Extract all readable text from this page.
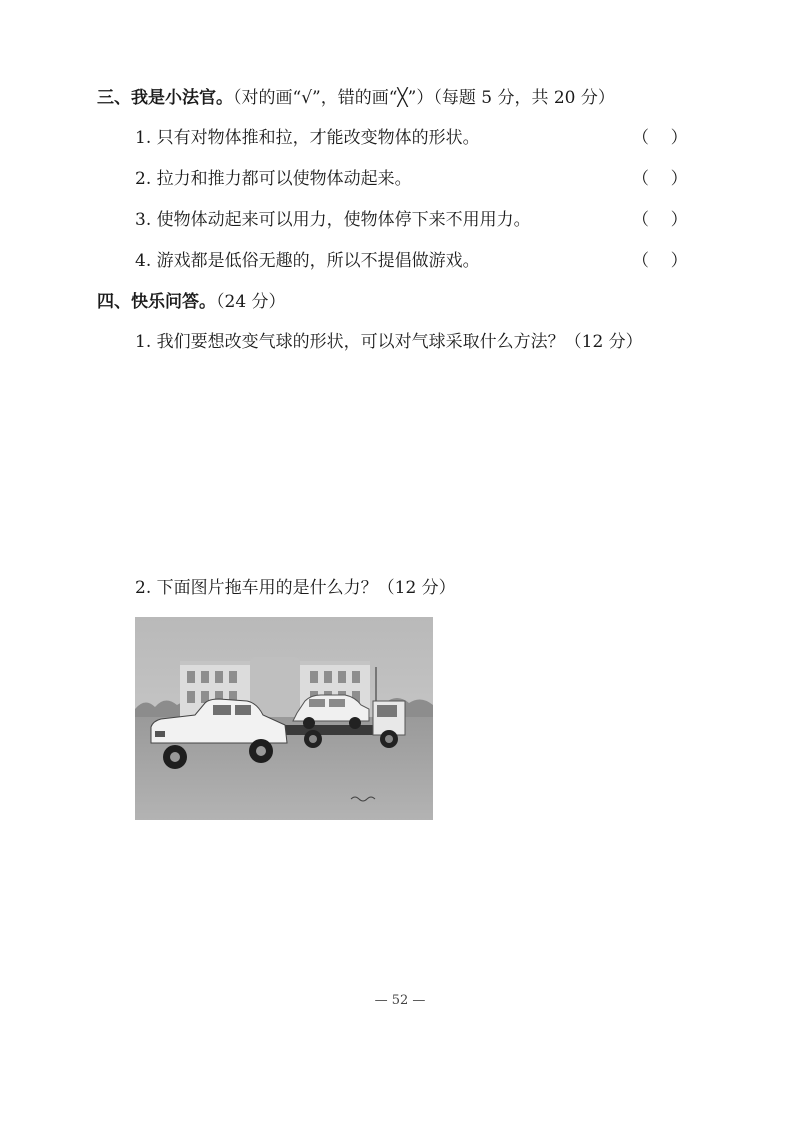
三、我是小法官。（对的画“√”，错的画“╳”）（每题 5 分，共 20 分）
1. 只有对物体推和拉，才能改变物体的形状。	（    ）
2. 拉力和推力都可以使物体动起来。	（    ）
3. 使物体动起来可以用力，使物体停下来不用用力。	（    ）
4. 游戏都是低俗无趣的，所以不提倡做游戏。	（    ）
四、快乐问答。（24 分）
1. 我们要想改变气球的形状，可以对气球采取什么方法？（12 分）
2. 下面图片拖车用的是什么力？（12 分）
— 52 —
